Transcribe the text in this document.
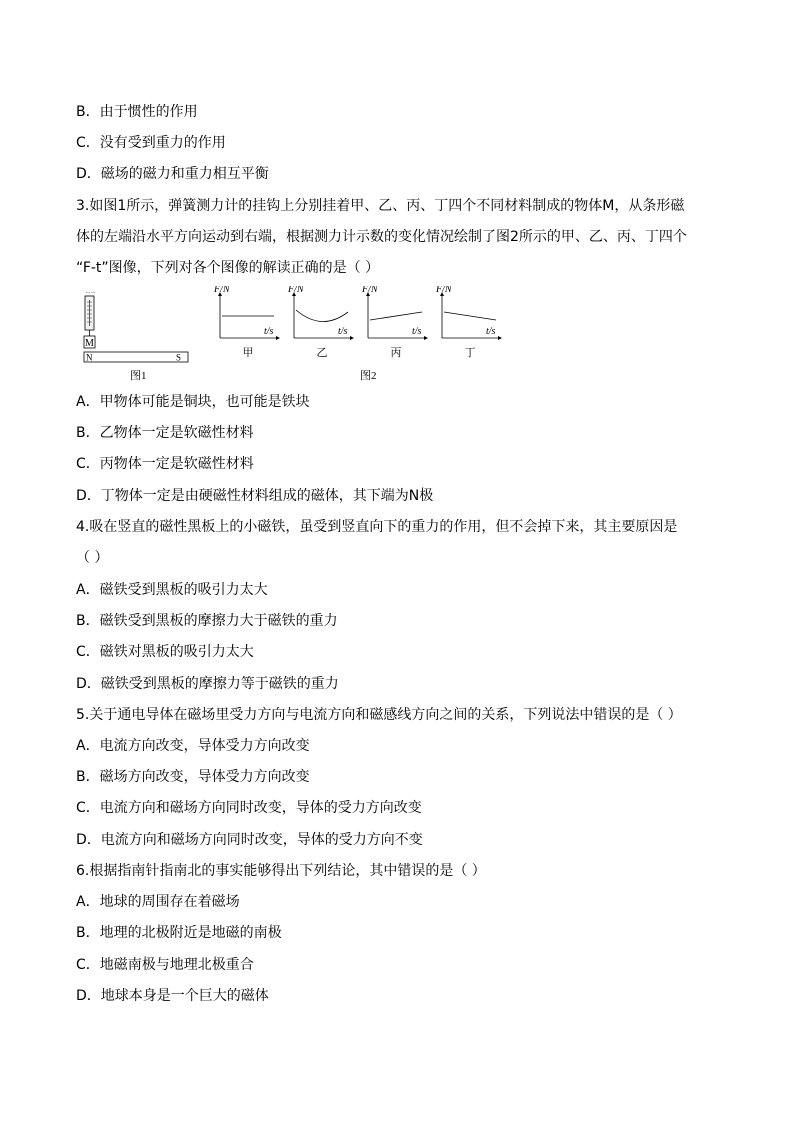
B．由于惯性的作用
C．没有受到重力的作用
D．磁场的磁力和重力相互平衡
3.如图1所示，弹簧测力计的挂钩上分别挂着甲、乙、丙、丁四个不同材料制成的物体M，从条形磁
体的左端沿水平方向运动到右端，根据测力计示数的变化情况绘制了图2所示的甲、乙、丙、丁四个
“F-t”图像，下列对各个图像的解读正确的是（ ）
M
N	S
图1
F/N
t/s
甲
F/N
t/s
乙
F/N
t/s
丙
F/N
t/s
丁
图2
A．甲物体可能是铜块，也可能是铁块
B．乙物体一定是软磁性材料
C．丙物体一定是软磁性材料
D．丁物体一定是由硬磁性材料组成的磁体，其下端为N极
4.吸在竖直的磁性黑板上的小磁铁，虽受到竖直向下的重力的作用，但不会掉下来，其主要原因是
（ ）
A．磁铁受到黑板的吸引力太大
B．磁铁受到黑板的摩擦力大于磁铁的重力
C．磁铁对黑板的吸引力太大
D．磁铁受到黑板的摩擦力等于磁铁的重力
5.关于通电导体在磁场里受力方向与电流方向和磁感线方向之间的关系，下列说法中错误的是（ ）
A．电流方向改变，导体受力方向改变
B．磁场方向改变，导体受力方向改变
C．电流方向和磁场方向同时改变，导体的受力方向改变
D．电流方向和磁场方向同时改变，导体的受力方向不变
6.根据指南针指南北的事实能够得出下列结论，其中错误的是（ ）
A．地球的周围存在着磁场
B．地理的北极附近是地磁的南极
C．地磁南极与地理北极重合
D．地球本身是一个巨大的磁体
